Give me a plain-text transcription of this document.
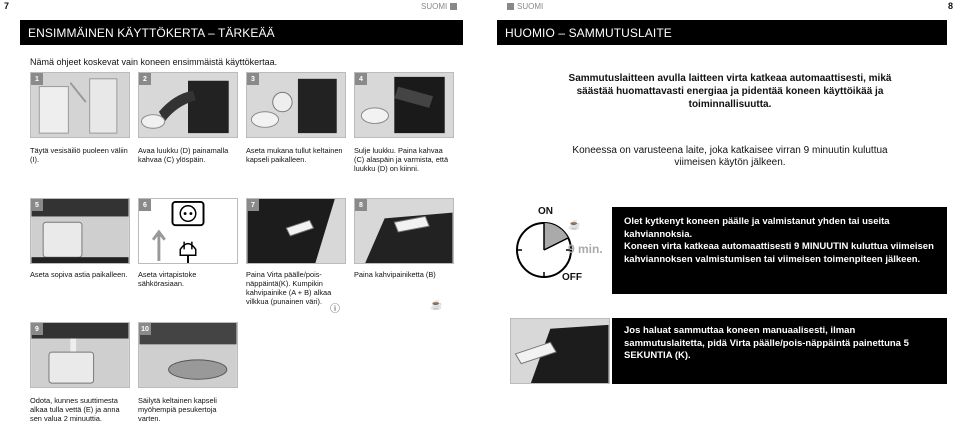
7	SUOMI	SUOMI	8
ENSIMMÄINEN KÄYTTÖKERTA – TÄRKEÄÄ	HUOMIO – SAMMUTUSLAITE
Nämä ohjeet koskevat vain koneen ensimmäistä käyttökertaa.
1	2	3	4
Täytä vesisäiliö puoleen väliin (I).
Avaa luukku (D) painamalla kahvaa (C) ylöspäin.
Aseta mukana tullut keltainen kapseli paikalleen.
Sulje luukku. Paina kahvaa (C) alaspäin ja varmista, että luukku (D) on kiinni.
5	6	7	8
Aseta sopiva astia paikalleen.	Aseta virtapistoke sähkörasiaan.
Paina Virta päälle/pois-näppäintä(K). Kumpikin kahvipainike (A + B) alkaa vilkkua (punainen väri).
ⓘ
Paina kahvipainiketta (B)
☕
9	10
Odota, kunnes suuttimesta alkaa tulla vettä (E) ja anna sen valua 2 minuuttia.
Säilytä keltainen kapseli myöhempiä pesukertoja varten.
Sammutuslaitteen avulla laitteen virta katkeaa automaattisesti, mikä säästää huomattavasti energiaa ja pidentää koneen käyttöikää ja toiminnallisuutta.
Koneessa on varusteena laite, joka katkaisee virran 9 minuutin kuluttua viimeisen käytön jälkeen.
ON
OFF
9 min.
☕	Olet kytkenyt koneen päälle ja valmistanut yhden tai useita kahviannoksia.
Koneen virta katkeaa automaattisesti 9 MINUUTIN kuluttua viimeisen kahviannoksen valmistumisen tai viimeisen toimenpiteen jälkeen.
Jos haluat sammuttaa koneen manuaalisesti, ilman sammutuslaitetta, pidä Virta päälle/pois-näppäintä painettuna 5 SEKUNTIA (K).
